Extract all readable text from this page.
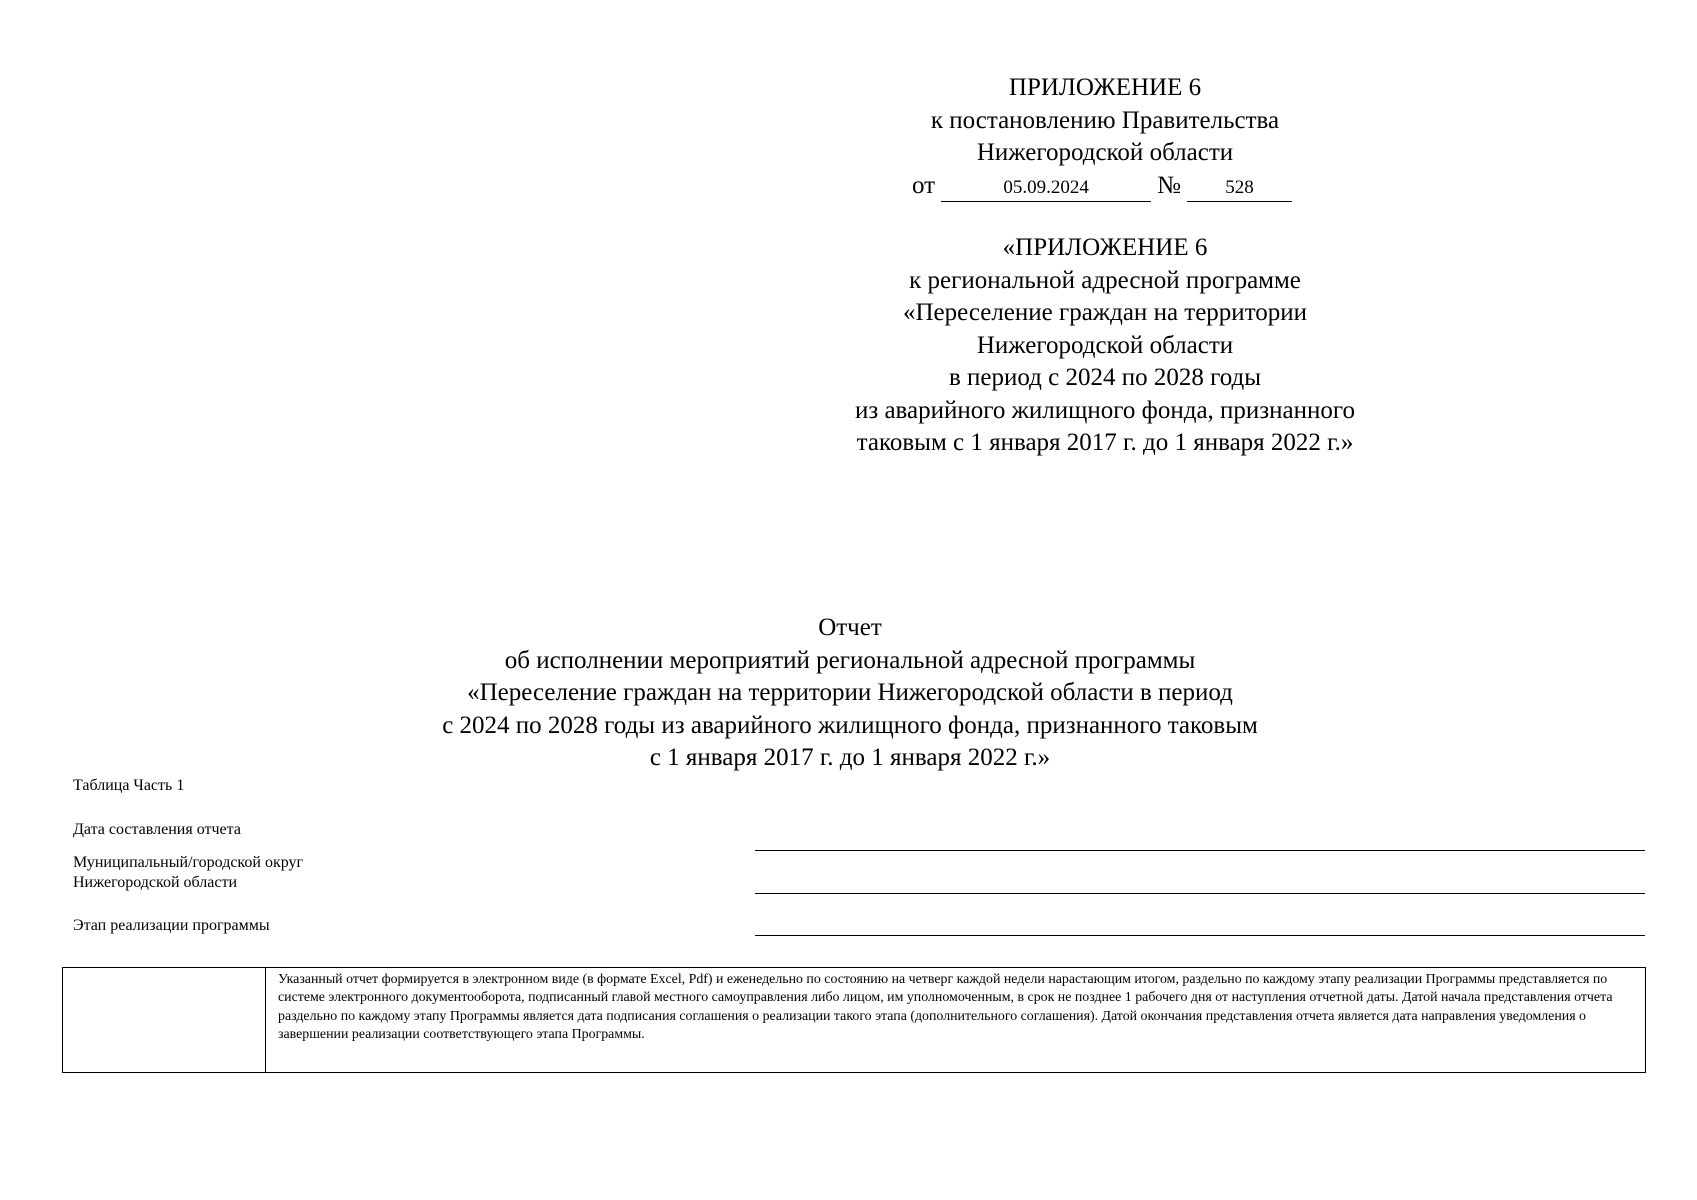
ПРИЛОЖЕНИЕ 6
к постановлению Правительства
Нижегородской области
от	05.09.2024	№	528
«ПРИЛОЖЕНИЕ 6
к региональной адресной программе
«Переселение граждан на территории
Нижегородской области
в период с 2024 по 2028 годы
из аварийного жилищного фонда, признанного
таковым с 1 января 2017 г. до 1 января 2022 г.»
Отчет
об исполнении мероприятий региональной адресной программы
«Переселение граждан на территории Нижегородской области в период
с 2024 по 2028 годы из аварийного жилищного фонда, признанного таковым
с 1 января 2017 г. до 1 января 2022 г.»
Таблица Часть 1
Дата составления отчета
Муниципальный/городской округ
Нижегородской области
Этап реализации программы
Указанный отчет формируется в электронном виде (в формате Excel, Pdf) и еженедельно по состоянию на четверг каждой недели нарастающим итогом, раздельно по каждому этапу реализации Программы представляется по системе электронного документооборота, подписанный главой местного самоуправления либо лицом, им уполномоченным, в срок не позднее 1 рабочего дня от наступления отчетной даты. Датой начала представления отчета раздельно по каждому этапу Программы является дата подписания соглашения о реализации такого этапа (дополнительного соглашения). Датой окончания представления отчета является дата направления уведомления о завершении реализации соответствующего этапа Программы.
